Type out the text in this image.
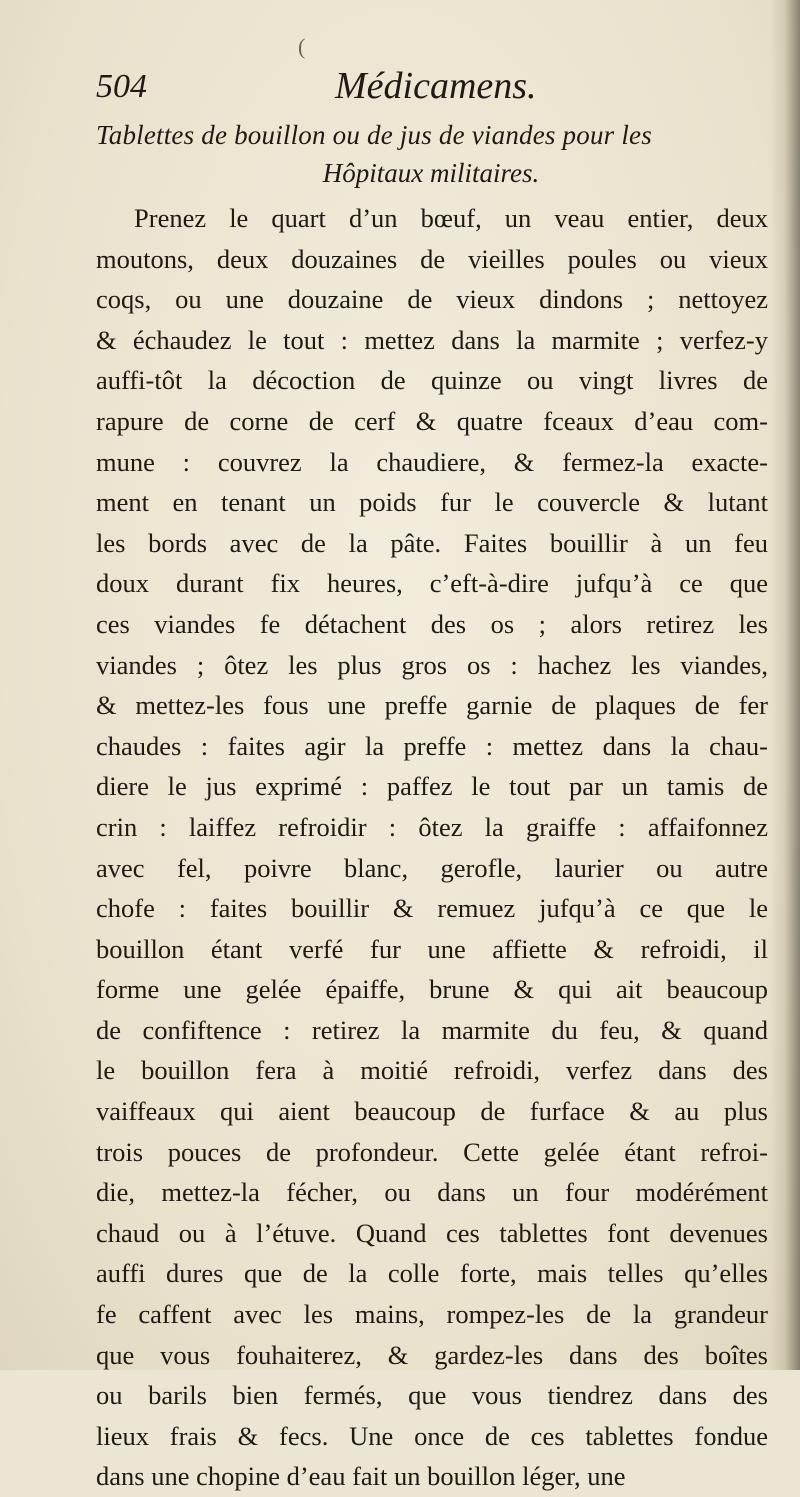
(
504	Médicamens.
Tablettes de bouillon ou de jus de viandes pour les
Hôpitaux militaires.
Prenez le quart d’un bœuf, un veau entier, deux
moutons, deux douzaines de vieilles poules ou vieux
coqs, ou une douzaine de vieux dindons ; nettoyez
& échaudez le tout : mettez dans la marmite ; verfez-y
auffi-tôt la décoction de quinze ou vingt livres de
rapure de corne de cerf & quatre fceaux d’eau com-
mune : couvrez la chaudiere, & fermez-la exacte-
ment en tenant un poids fur le couvercle & lutant
les bords avec de la pâte. Faites bouillir à un feu
doux durant fix heures, c’eft-à-dire jufqu’à ce que
ces viandes fe détachent des os ; alors retirez les
viandes ; ôtez les plus gros os : hachez les viandes,
& mettez-les fous une preffe garnie de plaques de fer
chaudes : faites agir la preffe : mettez dans la chau-
diere le jus exprimé : paffez le tout par un tamis de
crin : laiffez refroidir : ôtez la graiffe : affaifonnez
avec fel, poivre blanc, gerofle, laurier ou autre
chofe : faites bouillir & remuez jufqu’à ce que le
bouillon étant verfé fur une affiette & refroidi, il
forme une gelée épaiffe, brune & qui ait beaucoup
de confiftence : retirez la marmite du feu, & quand
le bouillon fera à moitié refroidi, verfez dans des
vaiffeaux qui aient beaucoup de furface & au plus
trois pouces de profondeur. Cette gelée étant refroi-
die, mettez-la fécher, ou dans un four modérément
chaud ou à l’étuve. Quand ces tablettes font devenues
auffi dures que de la colle forte, mais telles qu’elles
fe caffent avec les mains, rompez-les de la grandeur
que vous fouhaiterez, & gardez-les dans des boîtes
ou barils bien fermés, que vous tiendrez dans des
lieux frais & fecs. Une once de ces tablettes fondue
dans une chopine d’eau fait un bouillon léger, une
